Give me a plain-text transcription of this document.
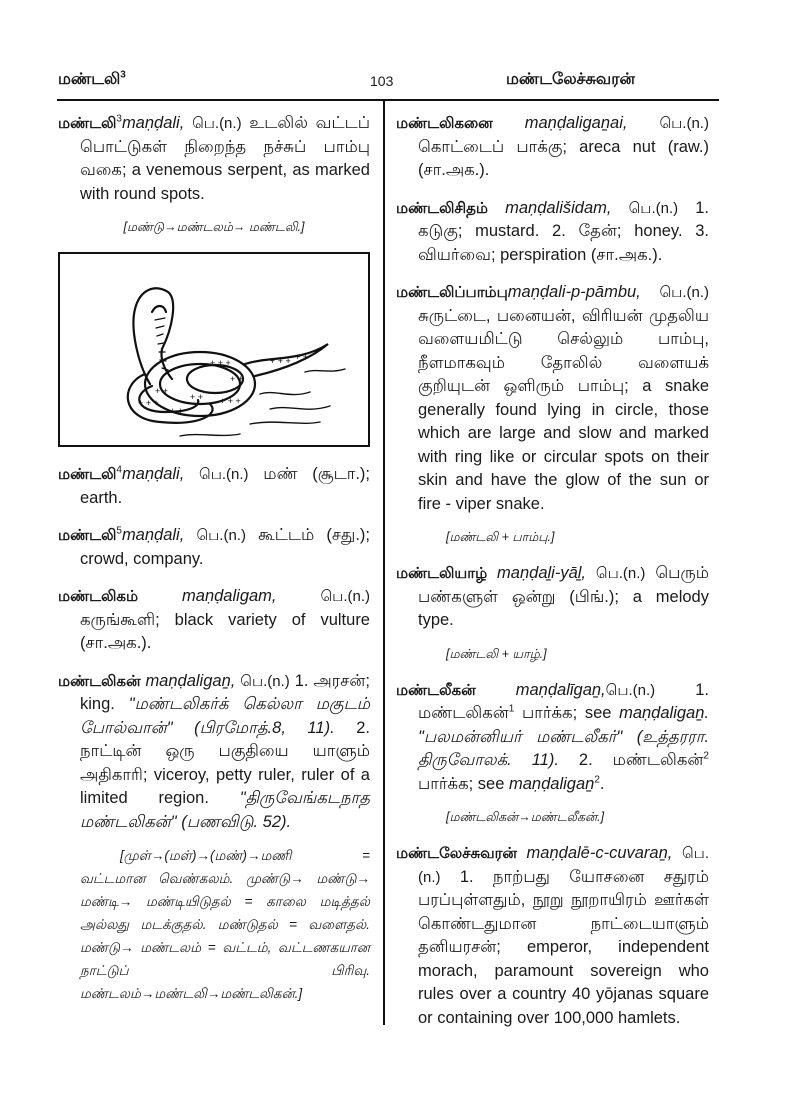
மண்டலி$^3$	103	மண்டலேச்சுவரன்

மண்டலி$^3$maṇḍali, பெ.(n.) உடலில் வட்டப் பொட்டுகள் நிறைந்த நச்சுப் பாம்பு வகை; a venemous serpent, as marked with round spots.

[மண்டு→மண்டலம்→ மண்டலி.]
+ +
+ + +
+ +
+ + +
+ +
+ + +
+ + + + +
+ +

மண்டலி$^4$maṇḍali, பெ.(n.) மண் (சூடா.); earth.

மண்டலி$^5$maṇḍali, பெ.(n.) கூட்டம் (சது.); crowd, company.

மண்டலிகம்	maṇḍaligam,	பெ.(n.) கருங்கூளி; black variety of vulture (சா.அக.).

மண்டலிகன் maṇḍaligaṉ, பெ.(n.) 1. அரசன்; king. "மண்டலிகர்க் கெல்லா மகுடம் போல்வான்" (பிரமோத்.8, 11). 2. நாட்டின் ஒரு பகுதியை யாளும் அதிகாரி; viceroy, petty ruler, ruler of a limited region. "திருவேங்கடநாத மண்டலிகன்" (பணவிடு. 52).

[முள்→(மள்)→(மண்)→மணி = வட்டமான வெண்கலம். முண்டு→ மண்டு→ மண்டி→ மண்டியிடுதல் = காலை மடித்தல் அல்லது மடக்குதல். மண்டுதல் = வளைதல். மண்டு→ மண்டலம் = வட்டம், வட்டணகயான நாட்டுப் பிரிவு. மண்டலம்→மண்டலி→மண்டலிகன்.]

மண்டலிகனை maṇḍaligaṉai, பெ.(n.) கொட்டைப் பாக்கு; areca nut (raw.) (சா.அக.).

மண்டலிசிதம் maṇḍališidam, பெ.(n.) 1. கடுகு; mustard. 2. தேன்; honey. 3. வியர்வை; perspiration (சா.அக.).

மண்டலிப்பாம்புmaṇḍali-p-pāmbu, பெ.(n.) சுருட்டை, பனையன், விரியன் முதலிய வளையமிட்டு செல்லும் பாம்பு, நீளமாகவும் தோலில் வளையக் குறியுடன் ஒளிரும் பாம்பு; a snake generally found lying in circle, those which are large and slow and marked with ring like or circular spots on their skin and have the glow of the sun or fire - viper snake.

[மண்டலி + பாம்பு.]

மண்டலியாழ் maṇḍaḻi-yāḻ, பெ.(n.) பெரும் பண்களுள் ஒன்று (பிங்.); a melody type.

[மண்டலி + யாழ்.]

மண்டலீகன் maṇḍalīgaṉ,பெ.(n.) 1. மண்டலிகன்$^1$ பார்க்க; see maṇḍaligaṉ. "பலமன்னியர் மண்டலீகர்" (உத்தரரா. திருவோலக். 11). 2. மண்டலிகன்$^2$ பார்க்க; see maṇḍaligaṉ$^2$.

[மண்டலிகன்→மண்டலீகன்.]

மண்டலேச்சுவரன் maṇḍalē-c-cuvaraṉ, பெ.(n.) 1. நாற்பது யோசனை சதுரம் பரப்புள்ளதும், நூறு நூறாயிரம் ஊர்கள் கொண்டதுமான நாட்டையாளும் தனியரசன்; emperor, independent morach, paramount sovereign who rules over a country 40 yōjanas square or containing over 100,000 hamlets.
